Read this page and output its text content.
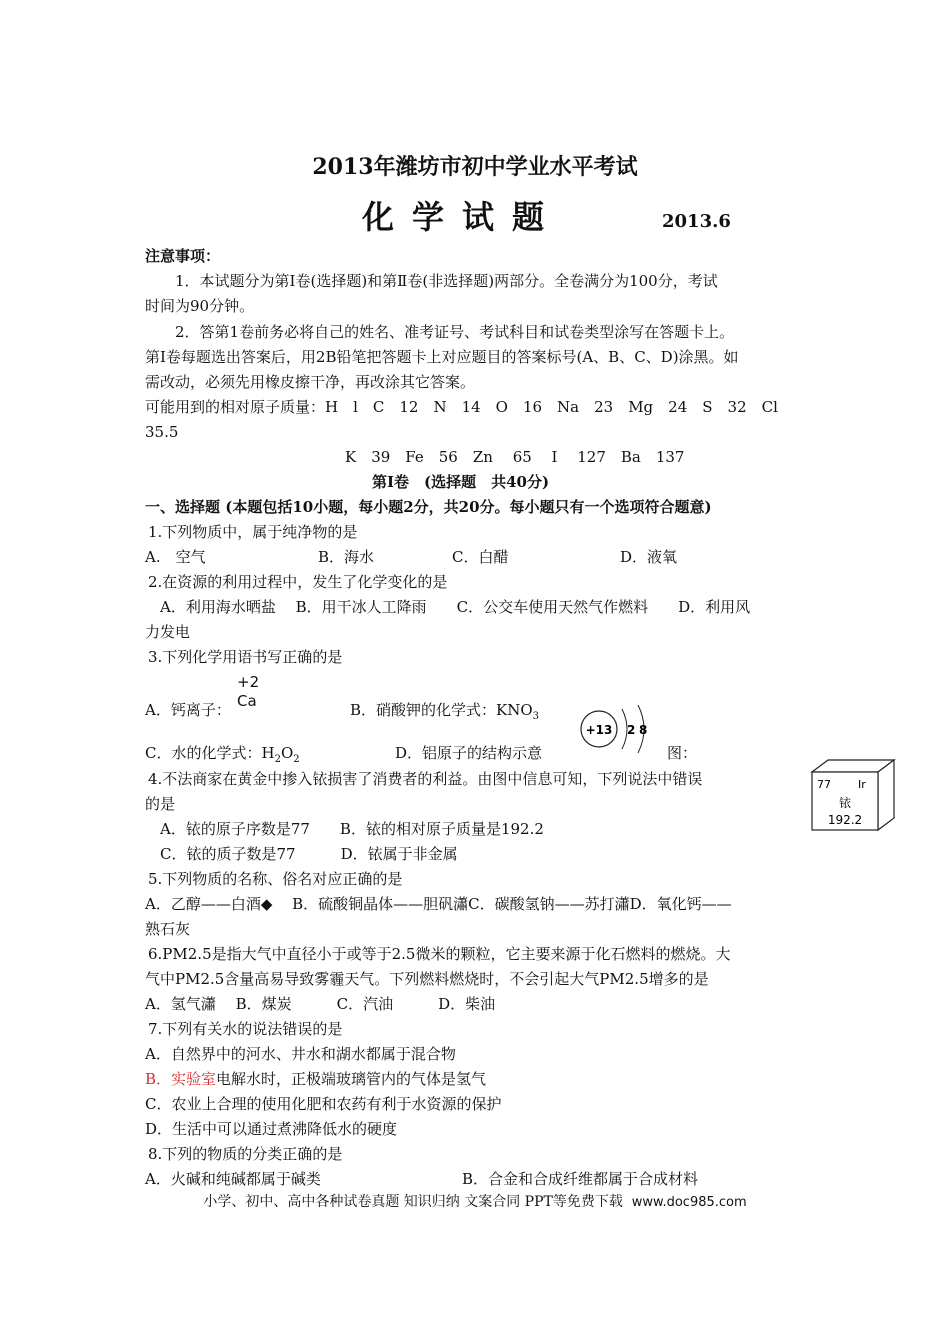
2013年潍坊市初中学业水平考试
化学试题	2013.6
注意事项：
1．本试题分为第Ⅰ卷(选择题)和第Ⅱ卷(非选择题)两部分。全卷满分为100分，考试
时间为90分钟。
2．答第1卷前务必将自己的姓名、准考证号、考试科目和试卷类型涂写在答题卡上。
第Ⅰ卷每题选出答案后，用2B铅笔把答题卡上对应题目的答案标号(A、B、C、D)涂黑。如
需改动，必须先用橡皮擦干净，再改涂其它答案。
可能用到的相对原子质量：H　l　C　12　N　14　O　16　Na　23　Mg　24　S　32　Cl
35.5
K　39　Fe　56　Zn　 65　 I　 127　Ba　137
第Ⅰ卷　(选择题　共40分)
一、选择题 (本题包括10小题，每小题2分，共20分。每小题只有一个选项符合题意)
1.下列物质中，属于纯净物的是
A.　空气	B．海水	C．白醋	D．液氧
2.在资源的利用过程中，发生了化学变化的是
A．利用海水晒盐　 B．用干冰人工降雨　　C．公交车使用天然气作燃料　　D．利用风
力发电
3.下列化学用语书写正确的是
A．钙离子：
+2
Ca	B．硝酸钾的化学式：$KNO_3$
C．水的化学式：$H_2O_2$	D．铝原子的结构示意	图：
+13 2 8
4.不法商家在黄金中掺入铱损害了消费者的利益。由图中信息可知，下列说法中错误
的是
A．铱的原子序数是77　　B．铱的相对原子质量是192.2
C．铱的质子数是77　　　D．铱属于非金属
77 Ir
铱
192.2
5.下列物质的名称、俗名对应正确的是
A．乙醇——白酒◆　 B．硫酸铜晶体——胆矾瀟C．碳酸氢钠——苏打瀟D．氧化钙——
熟石灰
6.PM2.5是指大气中直径小于或等于2.5微米的颗粒，它主要来源于化石燃料的燃烧。大
气中PM2.5含量高易导致雾霾天气。下列燃料燃烧时，不会引起大气PM2.5增多的是
A．氢气瀟　 B．煤炭　　　C．汽油　　　D．柴油
7.下列有关水的说法错误的是
A．自然界中的河水、井水和湖水都属于混合物
B．实验室电解水时，正极端玻璃管内的气体是氢气
C．农业上合理的使用化肥和农药有利于水资源的保护
D．生活中可以通过煮沸降低水的硬度
8.下列的物质的分类正确的是
A．火碱和纯碱都属于碱类	B．合金和合成纤维都属于合成材料
小学、初中、高中各种试卷真题 知识归纳 文案合同 PPT等免费下载 www.doc985.com
